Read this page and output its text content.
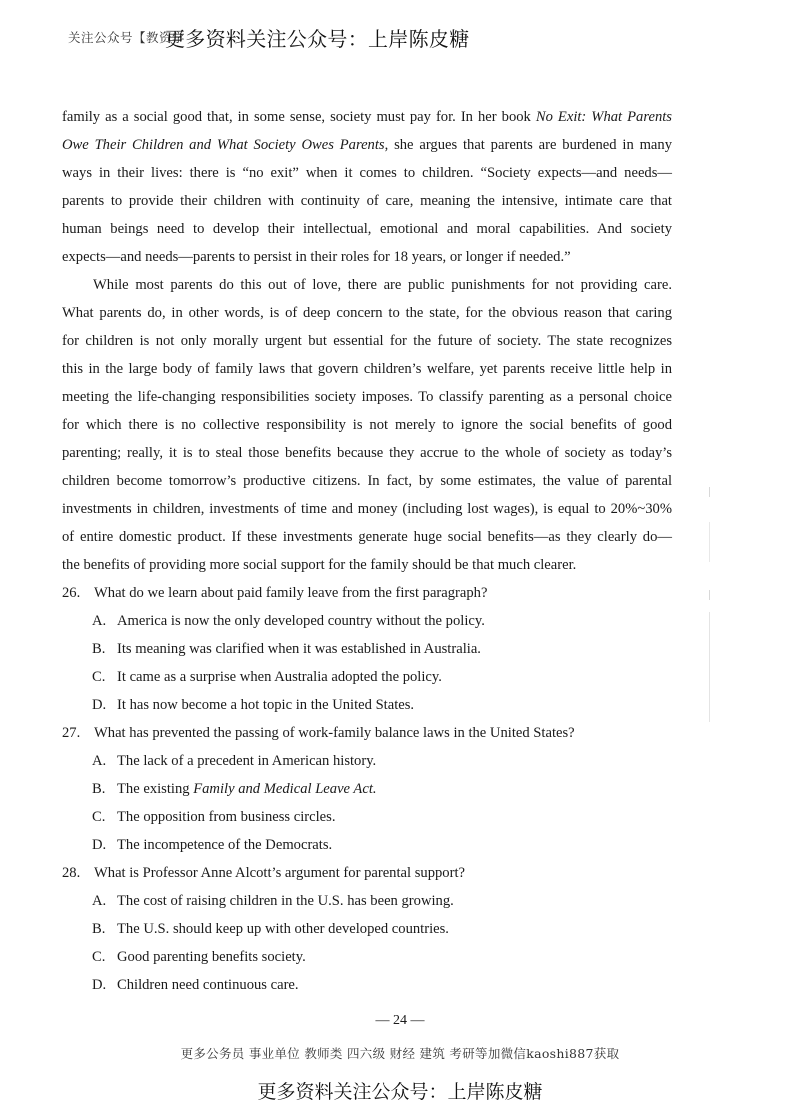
关注公众号【教资学
更多资料关注公众号：上岸陈皮糖
family as a social good that, in some sense, society must pay for. In her book No Exit: What Parents
Owe Their Children and What Society Owes Parents, she argues that parents are burdened in many
ways in their lives: there is “no exit” when it comes to children. “Society expects—and needs—
parents to provide their children with continuity of care, meaning the intensive, intimate care that
human beings need to develop their intellectual, emotional and moral capabilities. And society
expects—and needs—parents to persist in their roles for 18 years, or longer if needed.”
While most parents do this out of love, there are public punishments for not providing care.
What parents do, in other words, is of deep concern to the state, for the obvious reason that caring
for children is not only morally urgent but essential for the future of society. The state recognizes
this in the large body of family laws that govern children’s welfare, yet parents receive little help in
meeting the life-changing responsibilities society imposes. To classify parenting as a personal choice
for which there is no collective responsibility is not merely to ignore the social benefits of good
parenting; really, it is to steal those benefits because they accrue to the whole of society as today’s
children become tomorrow’s productive citizens. In fact, by some estimates, the value of parental
investments in children, investments of time and money (including lost wages), is equal to 20%~30%
of entire domestic product. If these investments generate huge social benefits—as they clearly do—
the benefits of providing more social support for the family should be that much clearer.
26. What do we learn about paid family leave from the first paragraph?
A. America is now the only developed country without the policy.
B. Its meaning was clarified when it was established in Australia.
C. It came as a surprise when Australia adopted the policy.
D. It has now become a hot topic in the United States.
27. What has prevented the passing of work-family balance laws in the United States?
A. The lack of a precedent in American history.
B. The existing Family and Medical Leave Act.
C. The opposition from business circles.
D. The incompetence of the Democrats.
28. What is Professor Anne Alcott’s argument for parental support?
A. The cost of raising children in the U.S. has been growing.
B. The U.S. should keep up with other developed countries.
C. Good parenting benefits society.
D. Children need continuous care.
— 24 —
更多公务员 事业单位 教师类 四六级 财经 建筑 考研等加微信kaoshi887获取
更多资料关注公众号：上岸陈皮糖
